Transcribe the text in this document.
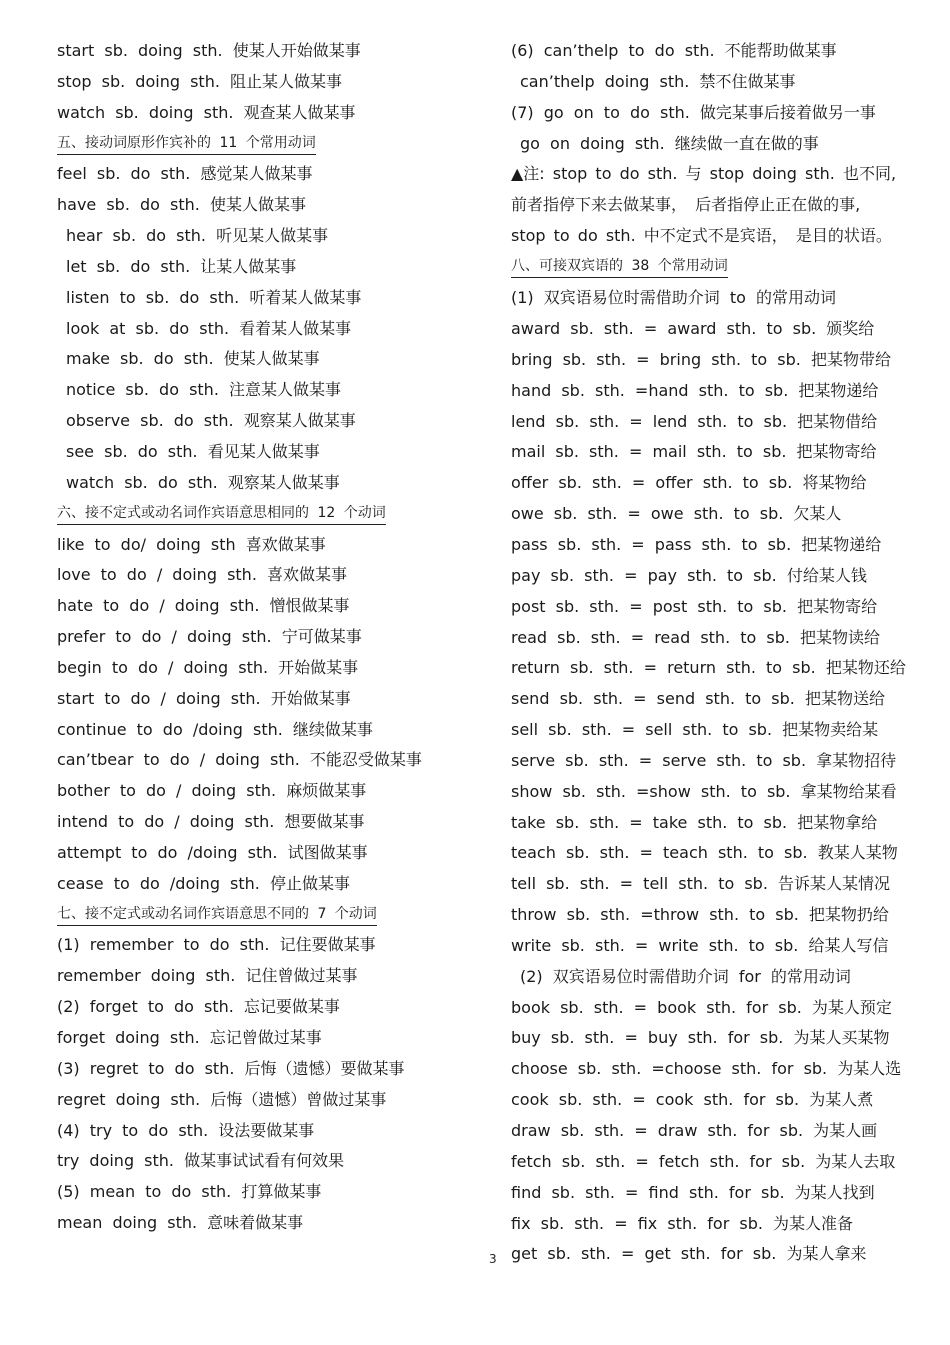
start sb. doing sth. 使某人开始做某事
stop sb. doing sth. 阻止某人做某事
watch sb. doing sth. 观查某人做某事
五、接动词原形作宾补的 11 个常用动词
feel sb. do sth. 感觉某人做某事
have sb. do sth. 使某人做某事
hear sb. do sth. 听见某人做某事
let sb. do sth. 让某人做某事
listen to sb. do sth. 听着某人做某事
look at sb. do sth. 看着某人做某事
make sb. do sth. 使某人做某事
notice sb. do sth. 注意某人做某事
observe sb. do sth. 观察某人做某事
see sb. do sth. 看见某人做某事
watch sb. do sth. 观察某人做某事
六、接不定式或动名词作宾语意思相同的 12 个动词
like to do/ doing sth 喜欢做某事
love to do / doing sth. 喜欢做某事
hate to do / doing sth. 憎恨做某事
prefer to do / doing sth. 宁可做某事
begin to do / doing sth. 开始做某事
start to do / doing sth. 开始做某事
continue to do /doing sth. 继续做某事
can’tbear to do / doing sth. 不能忍受做某事
bother to do / doing sth. 麻烦做某事
intend to do / doing sth. 想要做某事
attempt to do /doing sth. 试图做某事
cease to do /doing sth. 停止做某事
七、接不定式或动名词作宾语意思不同的 7 个动词
(1) remember to do sth. 记住要做某事
remember doing sth. 记住曾做过某事
(2) forget to do sth. 忘记要做某事
forget doing sth. 忘记曾做过某事
(3) regret to do sth. 后悔（遗憾）要做某事
regret doing sth. 后悔（遗憾）曾做过某事
(4) try to do sth. 设法要做某事
try doing sth. 做某事试试看有何效果
(5) mean to do sth. 打算做某事
mean doing sth. 意味着做某事
(6) can’thelp to do sth. 不能帮助做某事
can’thelp doing sth. 禁不住做某事
(7) go on to do sth. 做完某事后接着做另一事
go on doing sth. 继续做一直在做的事
▲注: stop to do sth. 与 stop doing sth. 也不同,
前者指停下来去做某事， 后者指停止正在做的事,
stop to do sth. 中不定式不是宾语， 是目的状语。
八、可接双宾语的 38 个常用动词
(1) 双宾语易位时需借助介词 to 的常用动词
award sb. sth. = award sth. to sb. 颁奖给
bring sb. sth. = bring sth. to sb. 把某物带给
hand sb. sth. =hand sth. to sb. 把某物递给
lend sb. sth. = lend sth. to sb. 把某物借给
mail sb. sth. = mail sth. to sb. 把某物寄给
offer sb. sth. = offer sth. to sb. 将某物给
owe sb. sth. = owe sth. to sb. 欠某人
pass sb. sth. = pass sth. to sb. 把某物递给
pay sb. sth. = pay sth. to sb. 付给某人钱
post sb. sth. = post sth. to sb. 把某物寄给
read sb. sth. = read sth. to sb. 把某物读给
return sb. sth. = return sth. to sb. 把某物还给
send sb. sth. = send sth. to sb. 把某物送给
sell sb. sth. = sell sth. to sb. 把某物卖给某
serve sb. sth. = serve sth. to sb. 拿某物招待
show sb. sth. =show sth. to sb. 拿某物给某看
take sb. sth. = take sth. to sb. 把某物拿给
teach sb. sth. = teach sth. to sb. 教某人某物
tell sb. sth. = tell sth. to sb. 告诉某人某情况
throw sb. sth. =throw sth. to sb. 把某物扔给
write sb. sth. = write sth. to sb. 给某人写信
(2) 双宾语易位时需借助介词 for 的常用动词
book sb. sth. = book sth. for sb. 为某人预定
buy sb. sth. = buy sth. for sb. 为某人买某物
choose sb. sth. =choose sth. for sb. 为某人选
cook sb. sth. = cook sth. for sb. 为某人煮
draw sb. sth. = draw sth. for sb. 为某人画
fetch sb. sth. = fetch sth. for sb. 为某人去取
find sb. sth. = find sth. for sb. 为某人找到
fix sb. sth. = fix sth. for sb. 为某人准备
get sb. sth. = get sth. for sb. 为某人拿来
3
